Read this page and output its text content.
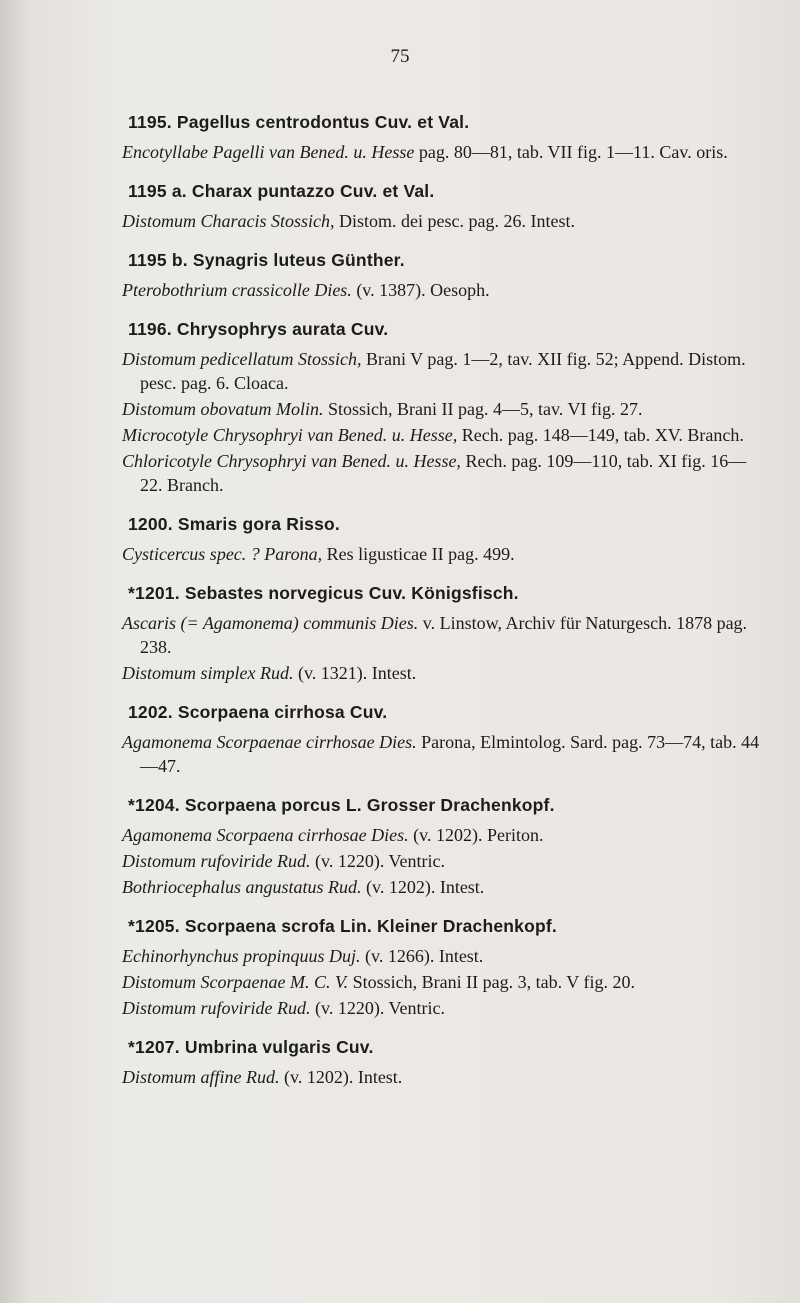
75
1195. Pagellus centrodontus Cuv. et Val.

Encotyllabe Pagelli van Bened. u. Hesse pag. 80—81, tab. VII fig. 1—11. Cav. oris.

1195 a. Charax puntazzo Cuv. et Val.

Distomum Characis Stossich, Distom. dei pesc. pag. 26. Intest.

1195 b. Synagris luteus Günther.

Pterobothrium crassicolle Dies. (v. 1387). Oesoph.

1196. Chrysophrys aurata Cuv.

Distomum pedicellatum Stossich, Brani V pag. 1—2, tav. XII fig. 52; Append. Distom. pesc. pag. 6. Cloaca.

Distomum obovatum Molin. Stossich, Brani II pag. 4—5, tav. VI fig. 27.

Microcotyle Chrysophryi van Bened. u. Hesse, Rech. pag. 148—149, tab. XV. Branch.

Chloricotyle Chrysophryi van Bened. u. Hesse, Rech. pag. 109—110, tab. XI fig. 16—22. Branch.

1200. Smaris gora Risso.

Cysticercus spec. ? Parona, Res ligusticae II pag. 499.

*1201. Sebastes norvegicus Cuv. Königsfisch.

Ascaris (= Agamonema) communis Dies. v. Linstow, Archiv für Naturgesch. 1878 pag. 238.

Distomum simplex Rud. (v. 1321). Intest.

1202. Scorpaena cirrhosa Cuv.

Agamonema Scorpaenae cirrhosae Dies. Parona, Elmintolog. Sard. pag. 73—74, tab. 44—47.

*1204. Scorpaena porcus L. Grosser Drachenkopf.

Agamonema Scorpaena cirrhosae Dies. (v. 1202). Periton.

Distomum rufoviride Rud. (v. 1220). Ventric.

Bothriocephalus angustatus Rud. (v. 1202). Intest.

*1205. Scorpaena scrofa Lin. Kleiner Drachenkopf.

Echinorhynchus propinquus Duj. (v. 1266). Intest.

Distomum Scorpaenae M. C. V. Stossich, Brani II pag. 3, tab. V fig. 20.

Distomum rufoviride Rud. (v. 1220). Ventric.

*1207. Umbrina vulgaris Cuv.

Distomum affine Rud. (v. 1202). Intest.
